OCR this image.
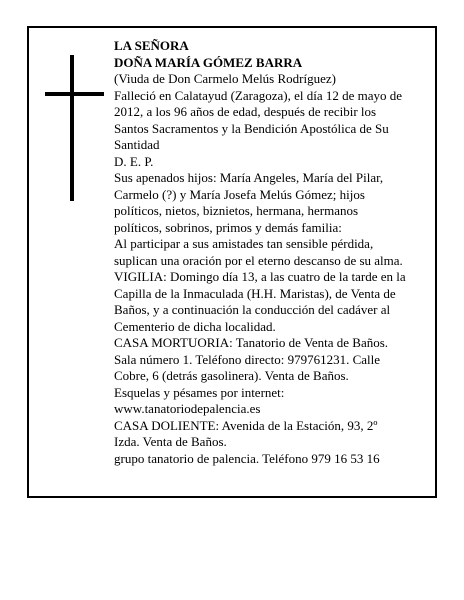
LA SEÑORA
DOÑA MARÍA GÓMEZ BARRA
(Viuda de Don Carmelo Melús Rodríguez)
Falleció en Calatayud (Zaragoza), el día 12 de mayo de
2012, a los 96 años de edad, después de recibir los
Santos Sacramentos y la Bendición Apostólica de Su
Santidad
D. E. P.
Sus apenados hijos: María Angeles, María del Pilar,
Carmelo (?) y María Josefa Melús Gómez; hijos
políticos, nietos, biznietos, hermana, hermanos
políticos, sobrinos, primos y demás familia:
Al participar a sus amistades tan sensible pérdida,
suplican una oración por el eterno descanso de su alma.
VIGILIA: Domingo día 13, a las cuatro de la tarde en la
Capilla de la Inmaculada (H.H. Maristas), de Venta de
Baños, y a continuación la conducción del cadáver al
Cementerio de dicha localidad.
CASA MORTUORIA: Tanatorio de Venta de Baños.
Sala número 1. Teléfono directo: 979761231. Calle
Cobre, 6 (detrás gasolinera). Venta de Baños.
Esquelas y pésames por internet:
www.tanatoriodepalencia.es
CASA DOLIENTE: Avenida de la Estación, 93, 2º
Izda. Venta de Baños.
grupo tanatorio de palencia. Teléfono 979 16 53 16
